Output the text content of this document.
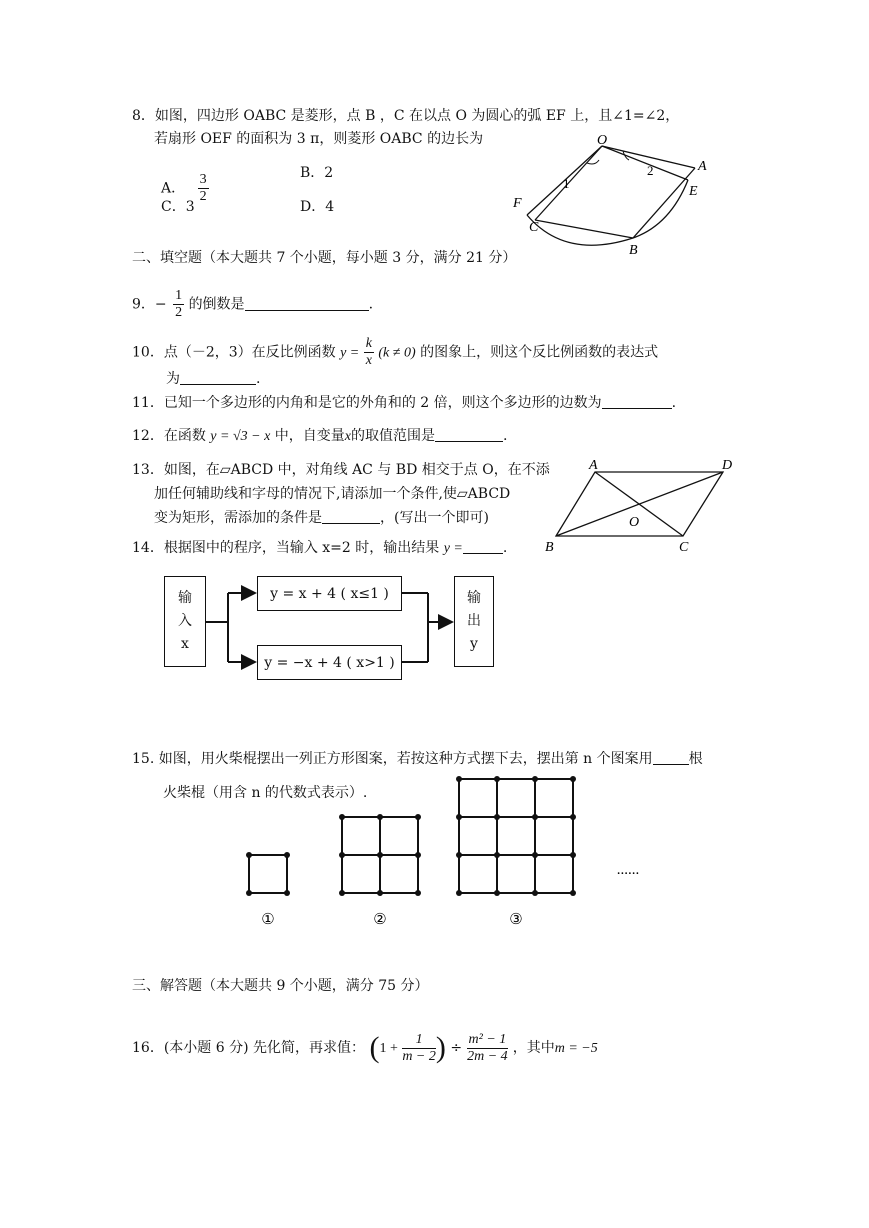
8．如图，四边形 OABC 是菱形，点 B ，C 在以点 O 为圆心的弧 EF 上，且∠1=∠2，
若扇形 OEF 的面积为 3 π，则菱形 OABC 的边长为
A． $\frac{3}{2}$	B．2
C．3	D．4
O
A
B
C
E
F
1
2
二、填空题（本大题共 7 个小题，每小题 3 分，满分 21 分）
9．− $\frac{1}{2}$ 的倒数是	.
10．点（－2，3）在反比例函数 $y = \frac{k}{x} (k \ne 0)$ 的图象上，则这个反比例函数的表达式
为	.
11．已知一个多边形的内角和是它的外角和的 2 倍，则这个多边形的边数为	.
12．在函数 y = √3 − x 中，自变量x的取值范围是	.
13．如图，在▱ABCD 中，对角线 AC 与 BD 相交于点 O，在不添
加任何辅助线和字母的情况下,请添加一个条件,使▱ABCD
变为矩形，需添加的条件是	，(写出一个即可)
A	D
B	C
O
14．根据图中的程序，当输入 x=2 时，输出结果 y =	.
输
入
x
y = x + 4 ( x≤1 )
y = −x + 4 ( x>1 )
输
出
y
15. 如图，用火柴棍摆出一列正方形图案，若按这种方式摆下去，摆出第 n 个图案用	根
火柴棍（用含 n 的代数式表示）.
①	②	③
......
三、解答题（本大题共 9 个小题，满分 75 分）
16．(本小题 6 分) 先化简，再求值： ($1 + \frac{1}{m - 2}$ ) ÷ $\frac{\text{m² − 1}}{2m - 4}$ ，其中m = −5
